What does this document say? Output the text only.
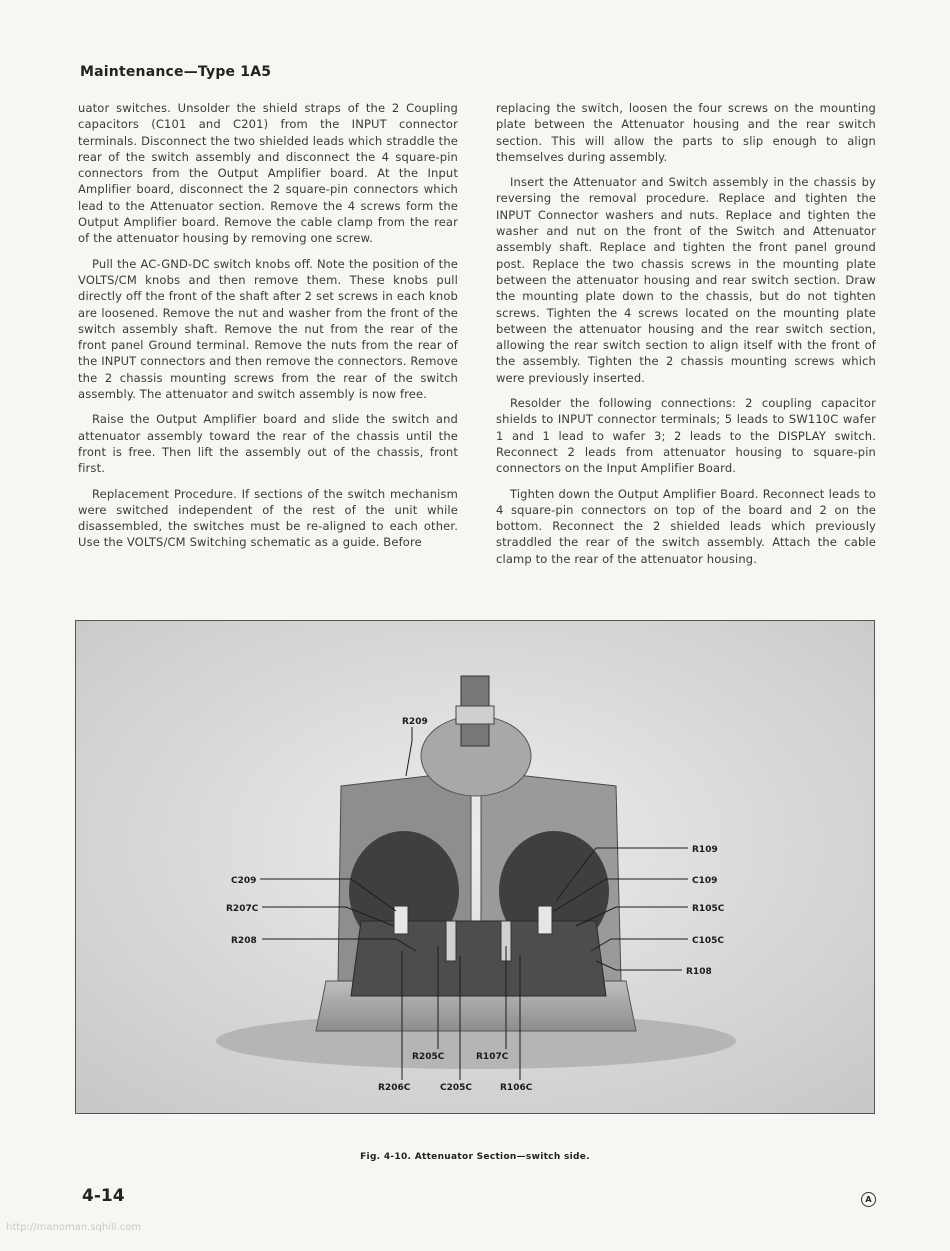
Maintenance—Type 1A5

uator switches. Unsolder the shield straps of the 2 Coupling capacitors (C101 and C201) from the INPUT connector terminals. Disconnect the two shielded leads which straddle the rear of the switch assembly and disconnect the 4 square-pin connectors from the Output Amplifier board. At the Input Amplifier board, disconnect the 2 square-pin connectors which lead to the Attenuator section. Remove the 4 screws form the Output Amplifier board. Remove the cable clamp from the rear of the attenuator housing by removing one screw.

Pull the AC-GND-DC switch knobs off. Note the position of the VOLTS/CM knobs and then remove them. These knobs pull directly off the front of the shaft after 2 set screws in each knob are loosened. Remove the nut and washer from the front of the switch assembly shaft. Remove the nut from the rear of the front panel Ground terminal. Remove the nuts from the rear of the INPUT connectors and then remove the connectors. Remove the 2 chassis mounting screws from the rear of the switch assembly. The attenuator and switch assembly is now free.

Raise the Output Amplifier board and slide the switch and attenuator assembly toward the rear of the chassis until the front is free. Then lift the assembly out of the chassis, front first.

Replacement Procedure. If sections of the switch mechanism were switched independent of the rest of the unit while disassembled, the switches must be re-aligned to each other. Use the VOLTS/CM Switching schematic as a guide. Before

replacing the switch, loosen the four screws on the mounting plate between the Attenuator housing and the rear switch section. This will allow the parts to slip enough to align themselves during assembly.

Insert the Attenuator and Switch assembly in the chassis by reversing the removal procedure. Replace and tighten the INPUT Connector washers and nuts. Replace and tighten the washer and nut on the front of the Switch and Attenuator assembly shaft. Replace and tighten the front panel ground post. Replace the two chassis screws in the mounting plate between the attenuator housing and rear switch section. Draw the mounting plate down to the chassis, but do not tighten screws. Tighten the 4 screws located on the mounting plate between the attenuator housing and the rear switch section, allowing the rear switch section to align itself with the front of the assembly. Tighten the 2 chassis mounting screws which were previously inserted.

Resolder the following connections: 2 coupling capacitor shields to INPUT connector terminals; 5 leads to SW110C wafer 1 and 1 lead to wafer 3; 2 leads to the DISPLAY switch. Reconnect 2 leads from attenuator housing to square-pin connectors on the Input Amplifier Board.

Tighten down the Output Amplifier Board. Reconnect leads to 4 square-pin connectors on top of the board and 2 on the bottom. Reconnect the 2 shielded leads which previously straddled the rear of the switch assembly. Attach the cable clamp to the rear of the attenuator housing.

R209
C209
R207C
R208
R109
C109
R105C
C105C
R108
R205C	R107C
R206C	C205C	R106C
Fig. 4-10. Attenuator Section—switch side.
4-14	A
http://manoman.sqhill.com
